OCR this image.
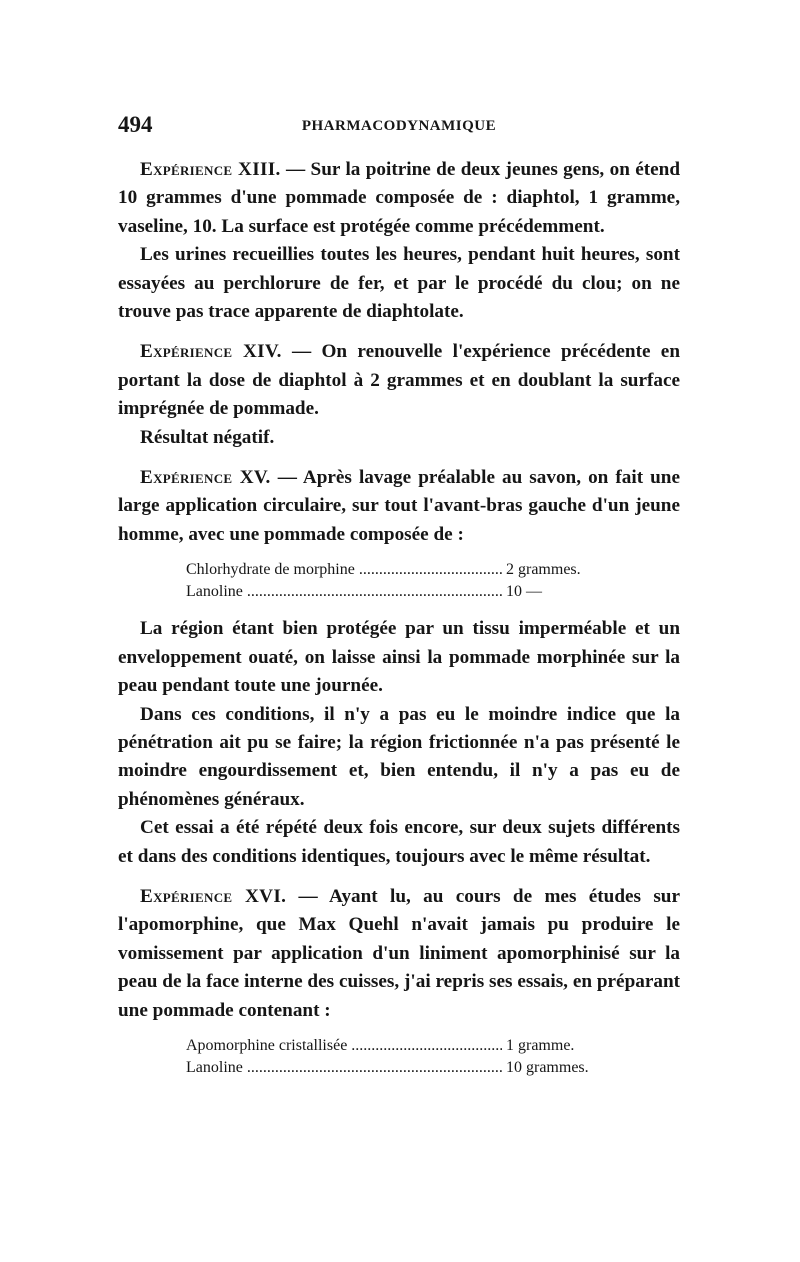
494	PHARMACODYNAMIQUE

Expérience XIII. — Sur la poitrine de deux jeunes gens, on étend 10 grammes d'une pommade composée de : diaphtol, 1 gramme, vaseline, 10. La surface est protégée comme précédemment.

Les urines recueillies toutes les heures, pendant huit heures, sont essayées au perchlorure de fer, et par le procédé du clou; on ne trouve pas trace apparente de diaphtolate.

Expérience XIV. — On renouvelle l'expérience précédente en portant la dose de diaphtol à 2 grammes et en doublant la surface imprégnée de pommade.

Résultat négatif.

Expérience XV. — Après lavage préalable au savon, on fait une large application circulaire, sur tout l'avant-bras gauche d'un jeune homme, avec une pommade composée de :

Chlorhydrate de morphine .....	2 grammes.
Lanoline .....	10 —

La région étant bien protégée par un tissu imperméable et un enveloppement ouaté, on laisse ainsi la pommade morphinée sur la peau pendant toute une journée.

Dans ces conditions, il n'y a pas eu le moindre indice que la pénétration ait pu se faire; la région frictionnée n'a pas présenté le moindre engourdissement et, bien entendu, il n'y a pas eu de phénomènes généraux.

Cet essai a été répété deux fois encore, sur deux sujets différents et dans des conditions identiques, toujours avec le même résultat.

Expérience XVI. — Ayant lu, au cours de mes études sur l'apomorphine, que Max Quehl n'avait jamais pu produire le vomissement par application d'un liniment apomorphinisé sur la peau de la face interne des cuisses, j'ai repris ses essais, en préparant une pommade contenant :

Apomorphine cristallisée .....	1 gramme.
Lanoline .....	10 grammes.
